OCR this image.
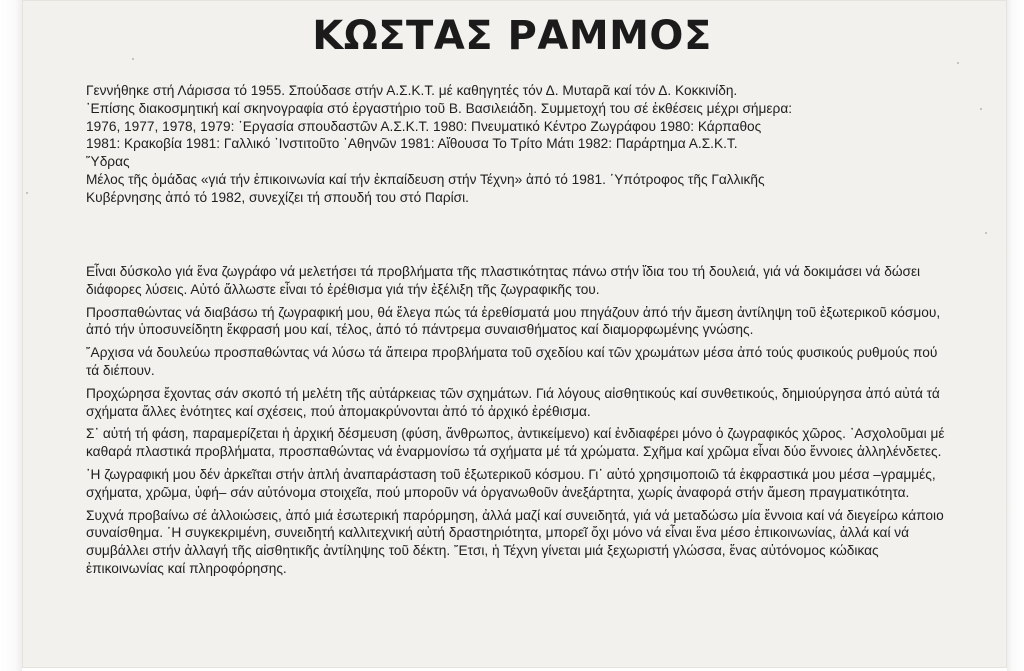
ΚΩΣΤΑΣ ΡΑΜΜΟΣ

Γεννήθηκε στή Λάρισσα τό 1955. Σπούδασε στήν Α.Σ.Κ.Τ. μέ καθηγητές τόν Δ. Μυταρᾶ καί τόν Δ. Κοκκινίδη.

῾Επίσης διακοσμητική καί σκηνογραφία στό ἐργαστήριο τοῦ Β. Βασιλειάδη. Συμμετοχή του σέ ἐκθέσεις μέχρι σήμερα:

1976, 1977, 1978, 1979: ῾Εργασία σπουδαστῶν Α.Σ.Κ.Τ. 1980: Πνευματικό Κέντρο Ζωγράφου 1980: Κάρπαθος

1981: Κρακοβία 1981: Γαλλικό ᾿Ινστιτοῦτο ᾿Αθηνῶν 1981: Αἴθουσα Το Τρίτο Μάτι 1982: Παράρτημα Α.Σ.Κ.Τ.

῞Υδρας

Μέλος τῆς ὁμάδας «γιά τήν ἐπικοινωνία καί τήν ἐκπαίδευση στήν Τέχνη» ἀπό τό 1981. ῾Υπότροφος τῆς Γαλλικῆς

Κυβέρνησης ἀπό τό 1982, συνεχίζει τή σπουδή του στό Παρίσι.

Εἶναι δύσκολο γιά ἕνα ζωγράφο νά μελετήσει τά προβλήματα τῆς πλαστικότητας πάνω στήν ἴδια του τή δουλειά, γιά νά δοκιμάσει νά δώσει διάφορες λύσεις. Αὐτό ἄλλωστε εἶναι τό ἐρέθισμα γιά τήν ἐξέλιξη τῆς ζωγραφικῆς του.

Προσπαθώντας νά διαβάσω τή ζωγραφική μου, θά ἔλεγα πώς τά ἐρεθίσματά μου πηγάζουν ἀπό τήν ἄμεση ἀντίληψη τοῦ ἐξωτερικοῦ κόσμου, ἀπό τήν ὑποσυνείδητη ἔκφρασή μου καί, τέλος, ἀπό τό πάντρεμα συναισθήματος καί διαμορφωμένης γνώσης.

῎Αρχισα νά δουλεύω προσπαθώντας νά λύσω τά ἄπειρα προβλήματα τοῦ σχεδίου καί τῶν χρωμάτων μέσα ἀπό τούς φυσικούς ρυθμούς πού τά διέπουν.

Προχώρησα ἔχοντας σάν σκοπό τή μελέτη τῆς αὐτάρκειας τῶν σχημάτων. Γιά λόγους αἰσθητικούς καί συνθετικούς, δημιούργησα ἀπό αὐτά τά σχήματα ἄλλες ἑνότητες καί σχέσεις, πού ἀπομακρύνονται ἀπό τό ἀρχικό ἐρέθισμα.

Σ᾿ αὐτή τή φάση, παραμερίζεται ἡ ἀρχική δέσμευση (φύση, ἄνθρωπος, ἀντικείμενο) καί ἐνδιαφέρει μόνο ὁ ζωγραφικός χῶρος. ᾿Ασχολοῦμαι μέ καθαρά πλαστικά προβλήματα, προσπαθώντας νά ἐναρμονίσω τά σχήματα μέ τά χρώματα. Σχῆμα καί χρῶμα εἶναι δύο ἔννοιες ἀλληλένδετες.

῾Η ζωγραφική μου δέν ἀρκεῖται στήν ἁπλή ἀναπαράσταση τοῦ ἐξωτερικοῦ κόσμου. Γι᾿ αὐτό χρησιμοποιῶ τά ἐκφραστικά μου μέσα –γραμμές, σχήματα, χρῶμα, ὑφή– σάν αὐτόνομα στοιχεῖα, πού μποροῦν νά ὀργανωθοῦν ἀνεξάρτητα, χωρίς ἀναφορά στήν ἄμεση πραγματικότητα.

Συχνά προβαίνω σέ ἀλλοιώσεις, ἀπό μιά ἐσωτερική παρόρμηση, ἀλλά μαζί καί συνειδητά, γιά νά μεταδώσω μία ἔννοια καί νά διεγείρω κάποιο συναίσθημα. ῾Η συγκεκριμένη, συνειδητή καλλιτεχνική αὐτή δραστηριότητα, μπορεῖ ὄχι μόνο νά εἶναι ἕνα μέσο ἐπικοινωνίας, ἀλλά καί νά συμβάλλει στήν ἀλλαγή τῆς αἰσθητικῆς ἀντίληψης τοῦ δέκτη. ῎Ετσι, ἡ Τέχνη γίνεται μιά ξεχωριστή γλώσσα, ἕνας αὐτόνομος κώδικας ἐπικοινωνίας καί πληροφόρησης.
